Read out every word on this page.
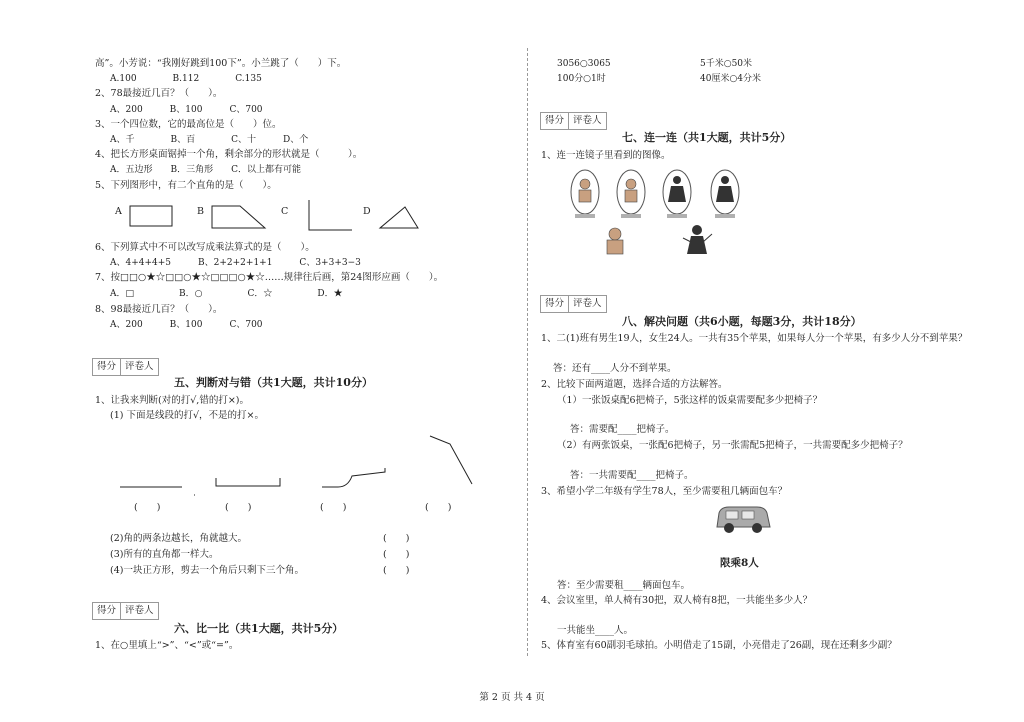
高”。小芳说：“我刚好跳到100下”。小兰跳了（　　）下。
A.100　　　　B.112　　　　C.135
2、78最接近几百？（　　）。
A、200　　　B、100　　　C、700
3、一个四位数，它的最高位是（　　）位。
A、千　　　　B、百　　　　C、十　　　D、个
4、把长方形桌面锯掉一个角，剩余部分的形状就是（　　　）。
A．五边形　　B．三角形　　C．以上都有可能
5、下列图形中，有二个直角的是（　　）。
A	B	C	D
6、下列算式中不可以改写成乘法算式的是（　　）。
A、4+4+4+5　　　B、2+2+2+1+1　　　C、3+3+3−3
7、按□□○★☆□□○★☆□□□○★☆……规律往后画，第24图形应画（　　）。
A．□　　　　　B．○　　　　　C．☆　　　　　D．★
8、98最接近几百？（　　）。
A、200　　　B、100　　　C、700
得分 评卷人
五、判断对与错（共1大题，共计10分）
1、让我来判断(对的打√,错的打×)。
(1) 下面是线段的打√，不是的打×。
(　　)	(　　)	(　　)	(　　)
(2)角的两条边越长，角就越大。	(　　)
(3)所有的直角都一样大。	(　　)
(4)一块正方形，剪去一个角后只剩下三个角。	(　　)
得分 评卷人
六、比一比（共1大题，共计5分）
1、在○里填上“>”、“<”或“=”。
3056○3065	5千米○50米
100分○1时	40厘米○4分米
得分 评卷人
七、连一连（共1大题，共计5分）
1、连一连镜子里看到的图像。
得分 评卷人
八、解决问题（共6小题，每题3分，共计18分）
1、二(1)班有男生19人，女生24人。一共有35个苹果，如果每人分一个苹果，有多少人分不到苹果？
答：还有____人分不到苹果。
2、比较下面两道题，选择合适的方法解答。
（1）一张饭桌配6把椅子，5张这样的饭桌需要配多少把椅子？
答：需要配____把椅子。
（2）有两张饭桌，一张配6把椅子，另一张需配5把椅子，一共需要配多少把椅子？
答：一共需要配____把椅子。
3、希望小学二年级有学生78人，至少需要租几辆面包车？
限乘8人
答：至少需要租____辆面包车。
4、会议室里，单人椅有30把，双人椅有8把，一共能坐多少人？
一共能坐____人。
5、体育室有60副羽毛球拍。小明借走了15副，小亮借走了26副，现在还剩多少副？
第 2 页 共 4 页
